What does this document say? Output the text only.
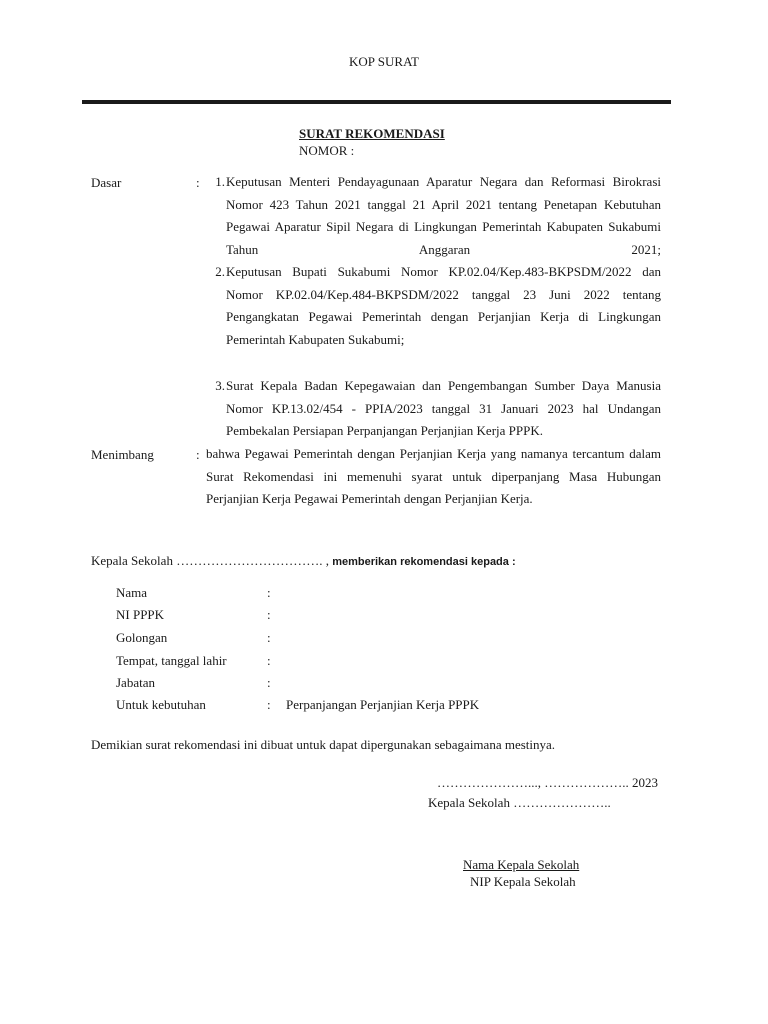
KOP SURAT
SURAT REKOMENDASI
NOMOR :
Dasar	:	1. Keputusan Menteri Pendayagunaan Aparatur Negara dan Reformasi Birokrasi Nomor 423 Tahun 2021 tanggal 21 April 2021 tentang Penetapan Kebutuhan Pegawai Aparatur Sipil Negara di Lingkungan Pemerintah Kabupaten Sukabumi Tahun Anggaran 2021;
2. Keputusan Bupati Sukabumi Nomor KP.02.04/Kep.483-BKPSDM/2022 dan Nomor KP.02.04/Kep.484-BKPSDM/2022 tanggal 23 Juni 2022 tentang Pengangkatan Pegawai Pemerintah dengan Perjanjian Kerja di Lingkungan Pemerintah Kabupaten Sukabumi;
3. Surat Kepala Badan Kepegawaian dan Pengembangan Sumber Daya Manusia Nomor KP.13.02/454 - PPIA/2023 tanggal 31 Januari 2023 hal Undangan Pembekalan Persiapan Perpanjangan Perjanjian Kerja PPPK.
Menimbang	: bahwa Pegawai Pemerintah dengan Perjanjian Kerja yang namanya tercantum dalam Surat Rekomendasi ini memenuhi syarat untuk diperpanjang Masa Hubungan Perjanjian Kerja Pegawai Pemerintah dengan Perjanjian Kerja.
Kepala Sekolah ……………………………. , memberikan rekomendasi kepada :
Nama	:
NI PPPK	:
Golongan	:
Tempat, tanggal lahir	:
Jabatan	:
Untuk kebutuhan	: Perpanjangan Perjanjian Kerja PPPK
Demikian surat rekomendasi ini dibuat untuk dapat dipergunakan sebagaimana mestinya.
…………………..., ……………….. 2023
Kepala Sekolah …………………..
Nama Kepala Sekolah
NIP Kepala Sekolah
